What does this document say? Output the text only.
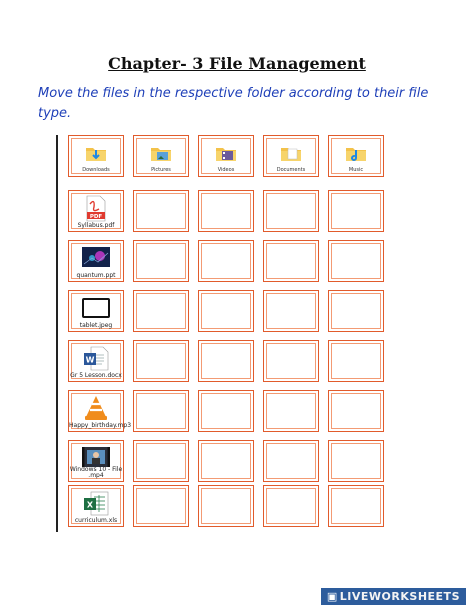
Chapter- 3 File Management
Move the files in the respective folder according to their file type.
Downloads	Pictures	Videos	Documents	Music
PDF
Syllabus.pdf
quantum.ppt
tablet.jpeg
W
Gr 5 Lesson.docx
Happy_birthday.mp3
Windows 10 - File .mp4
X
curriculum.xls
▣ LIVEWORKSHEETS
